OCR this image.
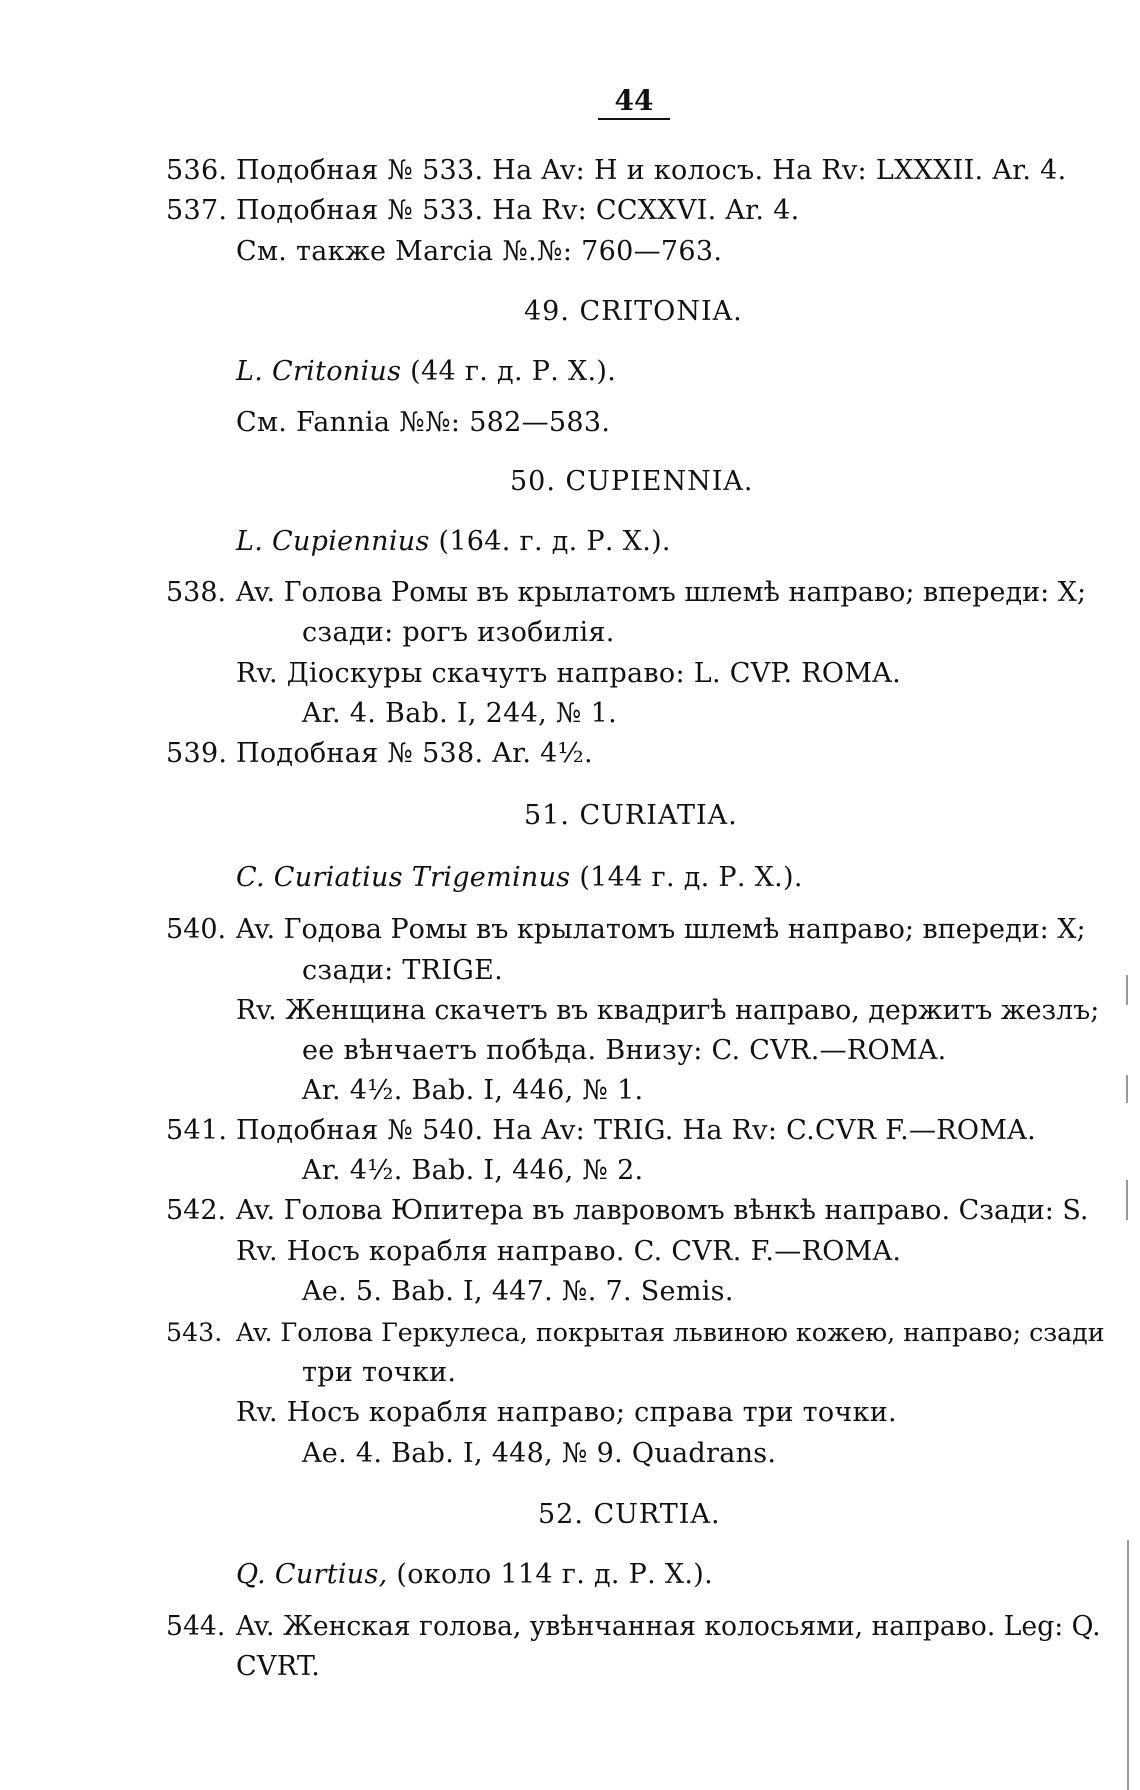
44
536. Подобная № 533. На Av: H и колосъ. На Rv: LXXXII. Ar. 4.
537. Подобная № 533. На Rv: CCXXVI. Ar. 4.
См. также Marcia №.№: 760—763.
49. CRITONIA.
L. Critonius (44 г. д. Р. X.).
См. Fannia №№: 582—583.
50. CUPIENNIA.
L. Cupiennius (164. г. д. Р. X.).
538. Av. Голова Ромы въ крылатомъ шлемѣ направо; впереди: X;
сзади: рогъ изобилія.
Rv. Діоскуры скачутъ направо: L. CVP. ROMA.
Ar. 4. Bab. I, 244, № 1.
539. Подобная № 538. Ar. 4½.
51. CURIATIA.
C. Curiatius Trigeminus (144 г. д. Р. X.).
540. Av. Годова Ромы въ крылатомъ шлемѣ направо; впереди: X;
сзади: TRIGE.
Rv. Женщина скачетъ въ квадригѣ направо, держитъ жезлъ;
ее вѣнчаетъ побѣда. Внизу: C. CVR.—ROMA.
Ar. 4½. Bab. I, 446, № 1.
541. Подобная № 540. На Av: TRIG. На Rv: C.CVR F.—ROMA.
Ar. 4½. Bab. I, 446, № 2.
542. Av. Голова Юпитера въ лавровомъ вѣнкѣ направо. Сзади: S.
Rv. Носъ корабля направо. C. CVR. F.—ROMA.
Ae. 5. Bab. I, 447. №. 7. Semis.
543. Av. Голова Геркулеса, покрытая львиною кожею, направо; сзади
три точки.
Rv. Носъ корабля направо; справа три точки.
Ae. 4. Bab. I, 448, № 9. Quadrans.
52. CURTIA.
Q. Curtius, (около 114 г. д. Р. X.).
544. Av. Женская голова, увѣнчанная колосьями, направо. Leg: Q.
CVRT.
